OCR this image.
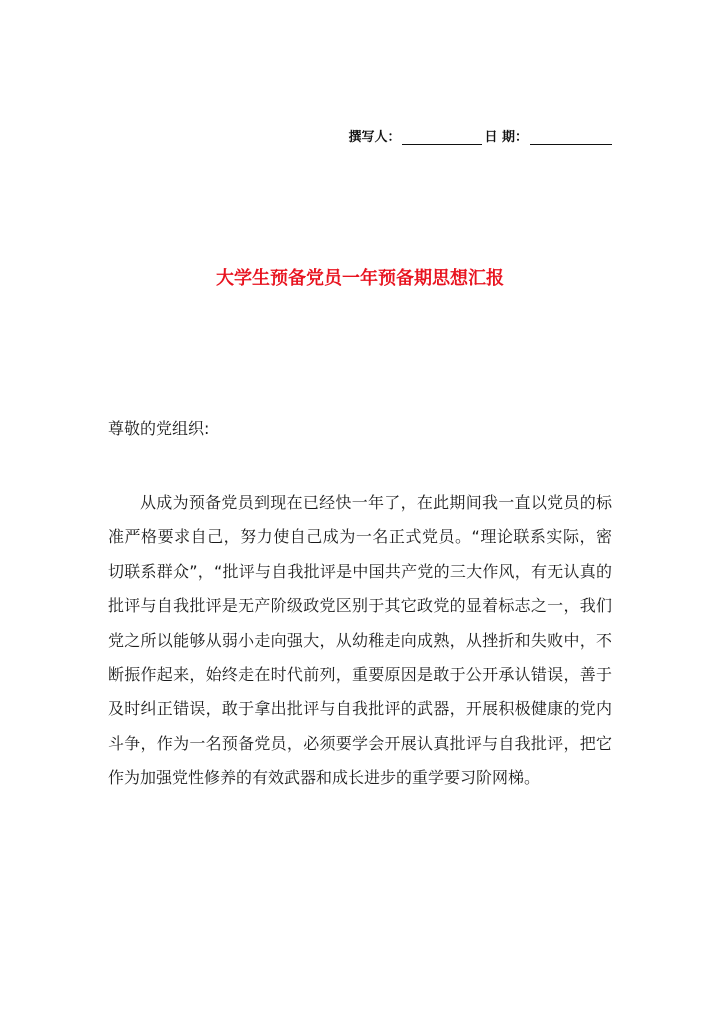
撰写人：	日 期：
大学生预备党员一年预备期思想汇报
尊敬的党组织:

从成为预备党员到现在已经快一年了，在此期间我一直以党员的标准严格要求自己，努力使自己成为一名正式党员。“理论联系实际，密切联系群众”，“批评与自我批评是中国共产党的三大作风，有无认真的批评与自我批评是无产阶级政党区别于其它政党的显着标志之一，我们党之所以能够从弱小走向强大，从幼稚走向成熟，从挫折和失败中，不断振作起来，始终走在时代前列，重要原因是敢于公开承认错误，善于及时纠正错误，敢于拿出批评与自我批评的武器，开展积极健康的党内斗争，作为一名预备党员，必须要学会开展认真批评与自我批评，把它作为加强党性修养的有效武器和成长进步的重学要习阶网梯。
